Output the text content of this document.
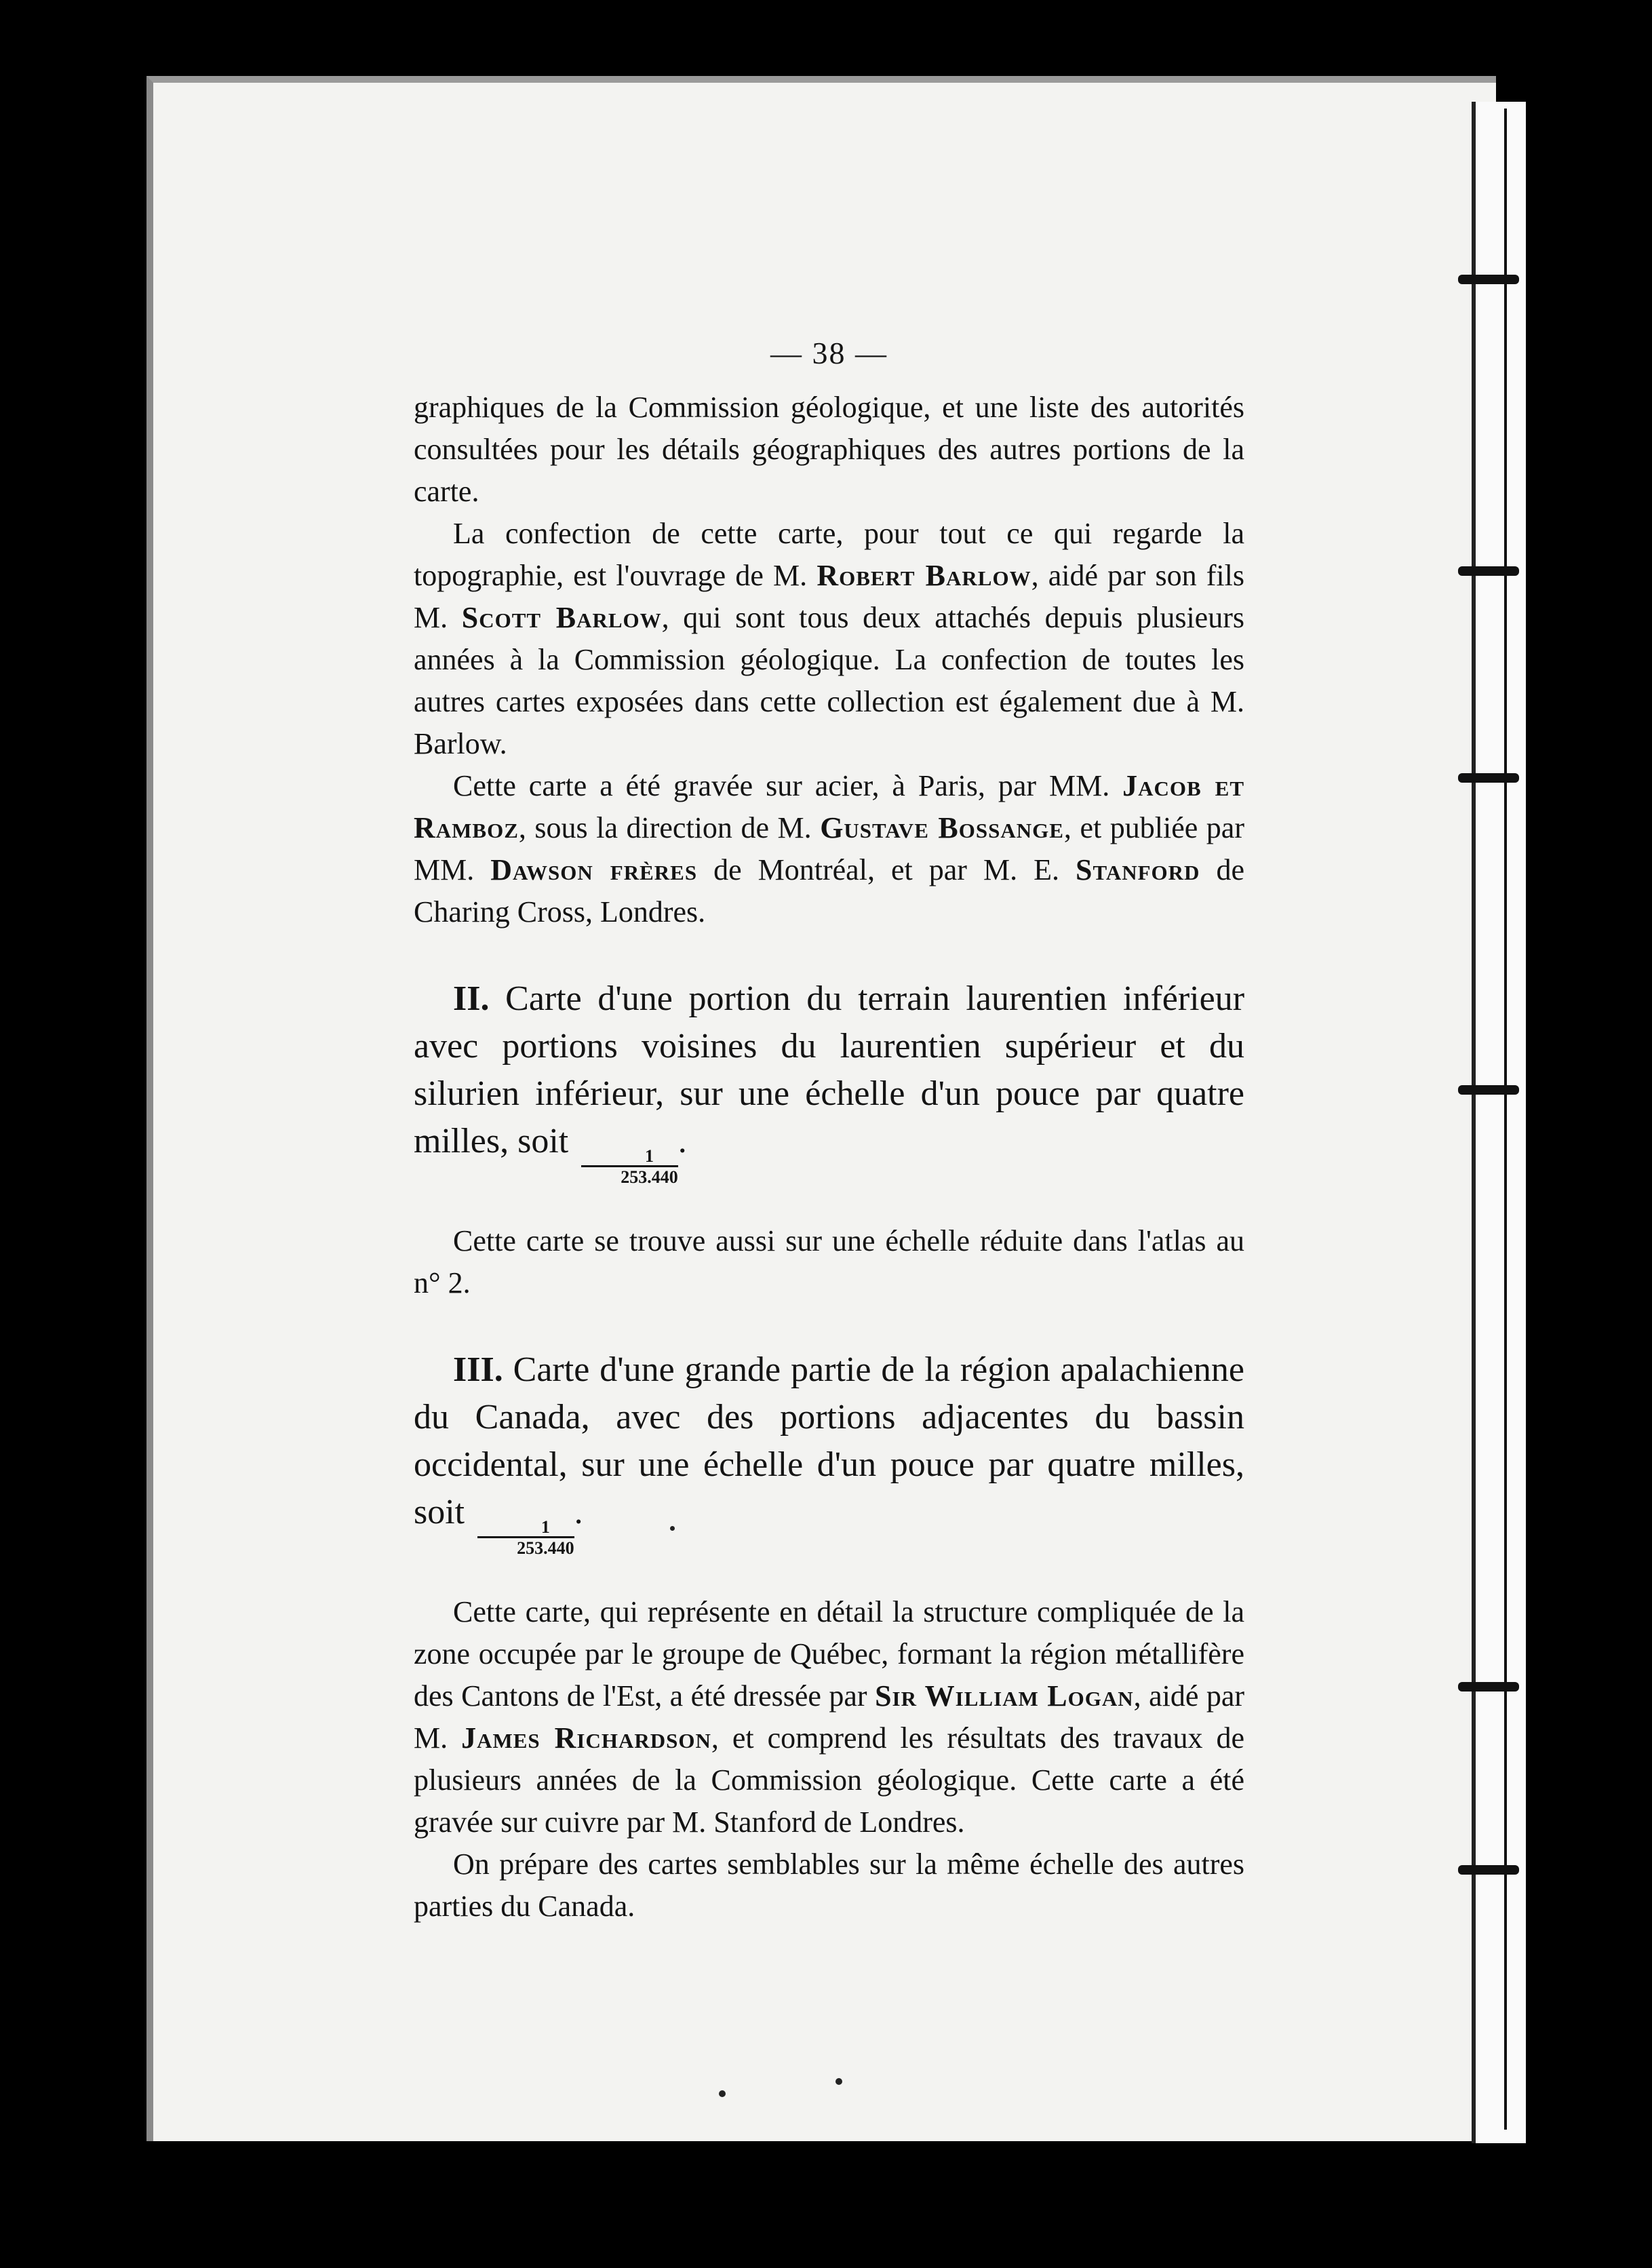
— 38 —

graphiques de la Commission géologique, et une liste des autorités consultées pour les détails géographiques des autres portions de la carte.

La confection de cette carte, pour tout ce qui regarde la topographie, est l'ouvrage de M. Robert Barlow, aidé par son fils M. Scott Barlow, qui sont tous deux attachés depuis plusieurs années à la Commission géologique. La confection de toutes les autres cartes exposées dans cette collection est également due à M. Barlow.

Cette carte a été gravée sur acier, à Paris, par MM. Jacob et Ramboz, sous la direction de M. Gustave Bossange, et publiée par MM. Dawson frères de Montréal, et par M. E. Stanford de Charing Cross, Londres.

II. Carte d'une portion du terrain laurentien inférieur avec portions voisines du laurentien supérieur et du silurien inférieur, sur une échelle d'un pouce par quatre milles, soit
$\frac{1}{253.440}$
.

Cette carte se trouve aussi sur une échelle réduite dans l'atlas au n° 2.

III. Carte d'une grande partie de la région apalachienne du Canada, avec des portions adjacentes du bassin occidental, sur une échelle d'un pouce par quatre milles, soit
$\frac{1}{253.440}$
.

Cette carte, qui représente en détail la structure compliquée de la zone occupée par le groupe de Québec, formant la région métallifère des Cantons de l'Est, a été dressée par Sir William Logan, aidé par M. James Richardson, et comprend les résultats des travaux de plusieurs années de la Commission géologique. Cette carte a été gravée sur cuivre par M. Stanford de Londres.

On prépare des cartes semblables sur la même échelle des autres parties du Canada.
